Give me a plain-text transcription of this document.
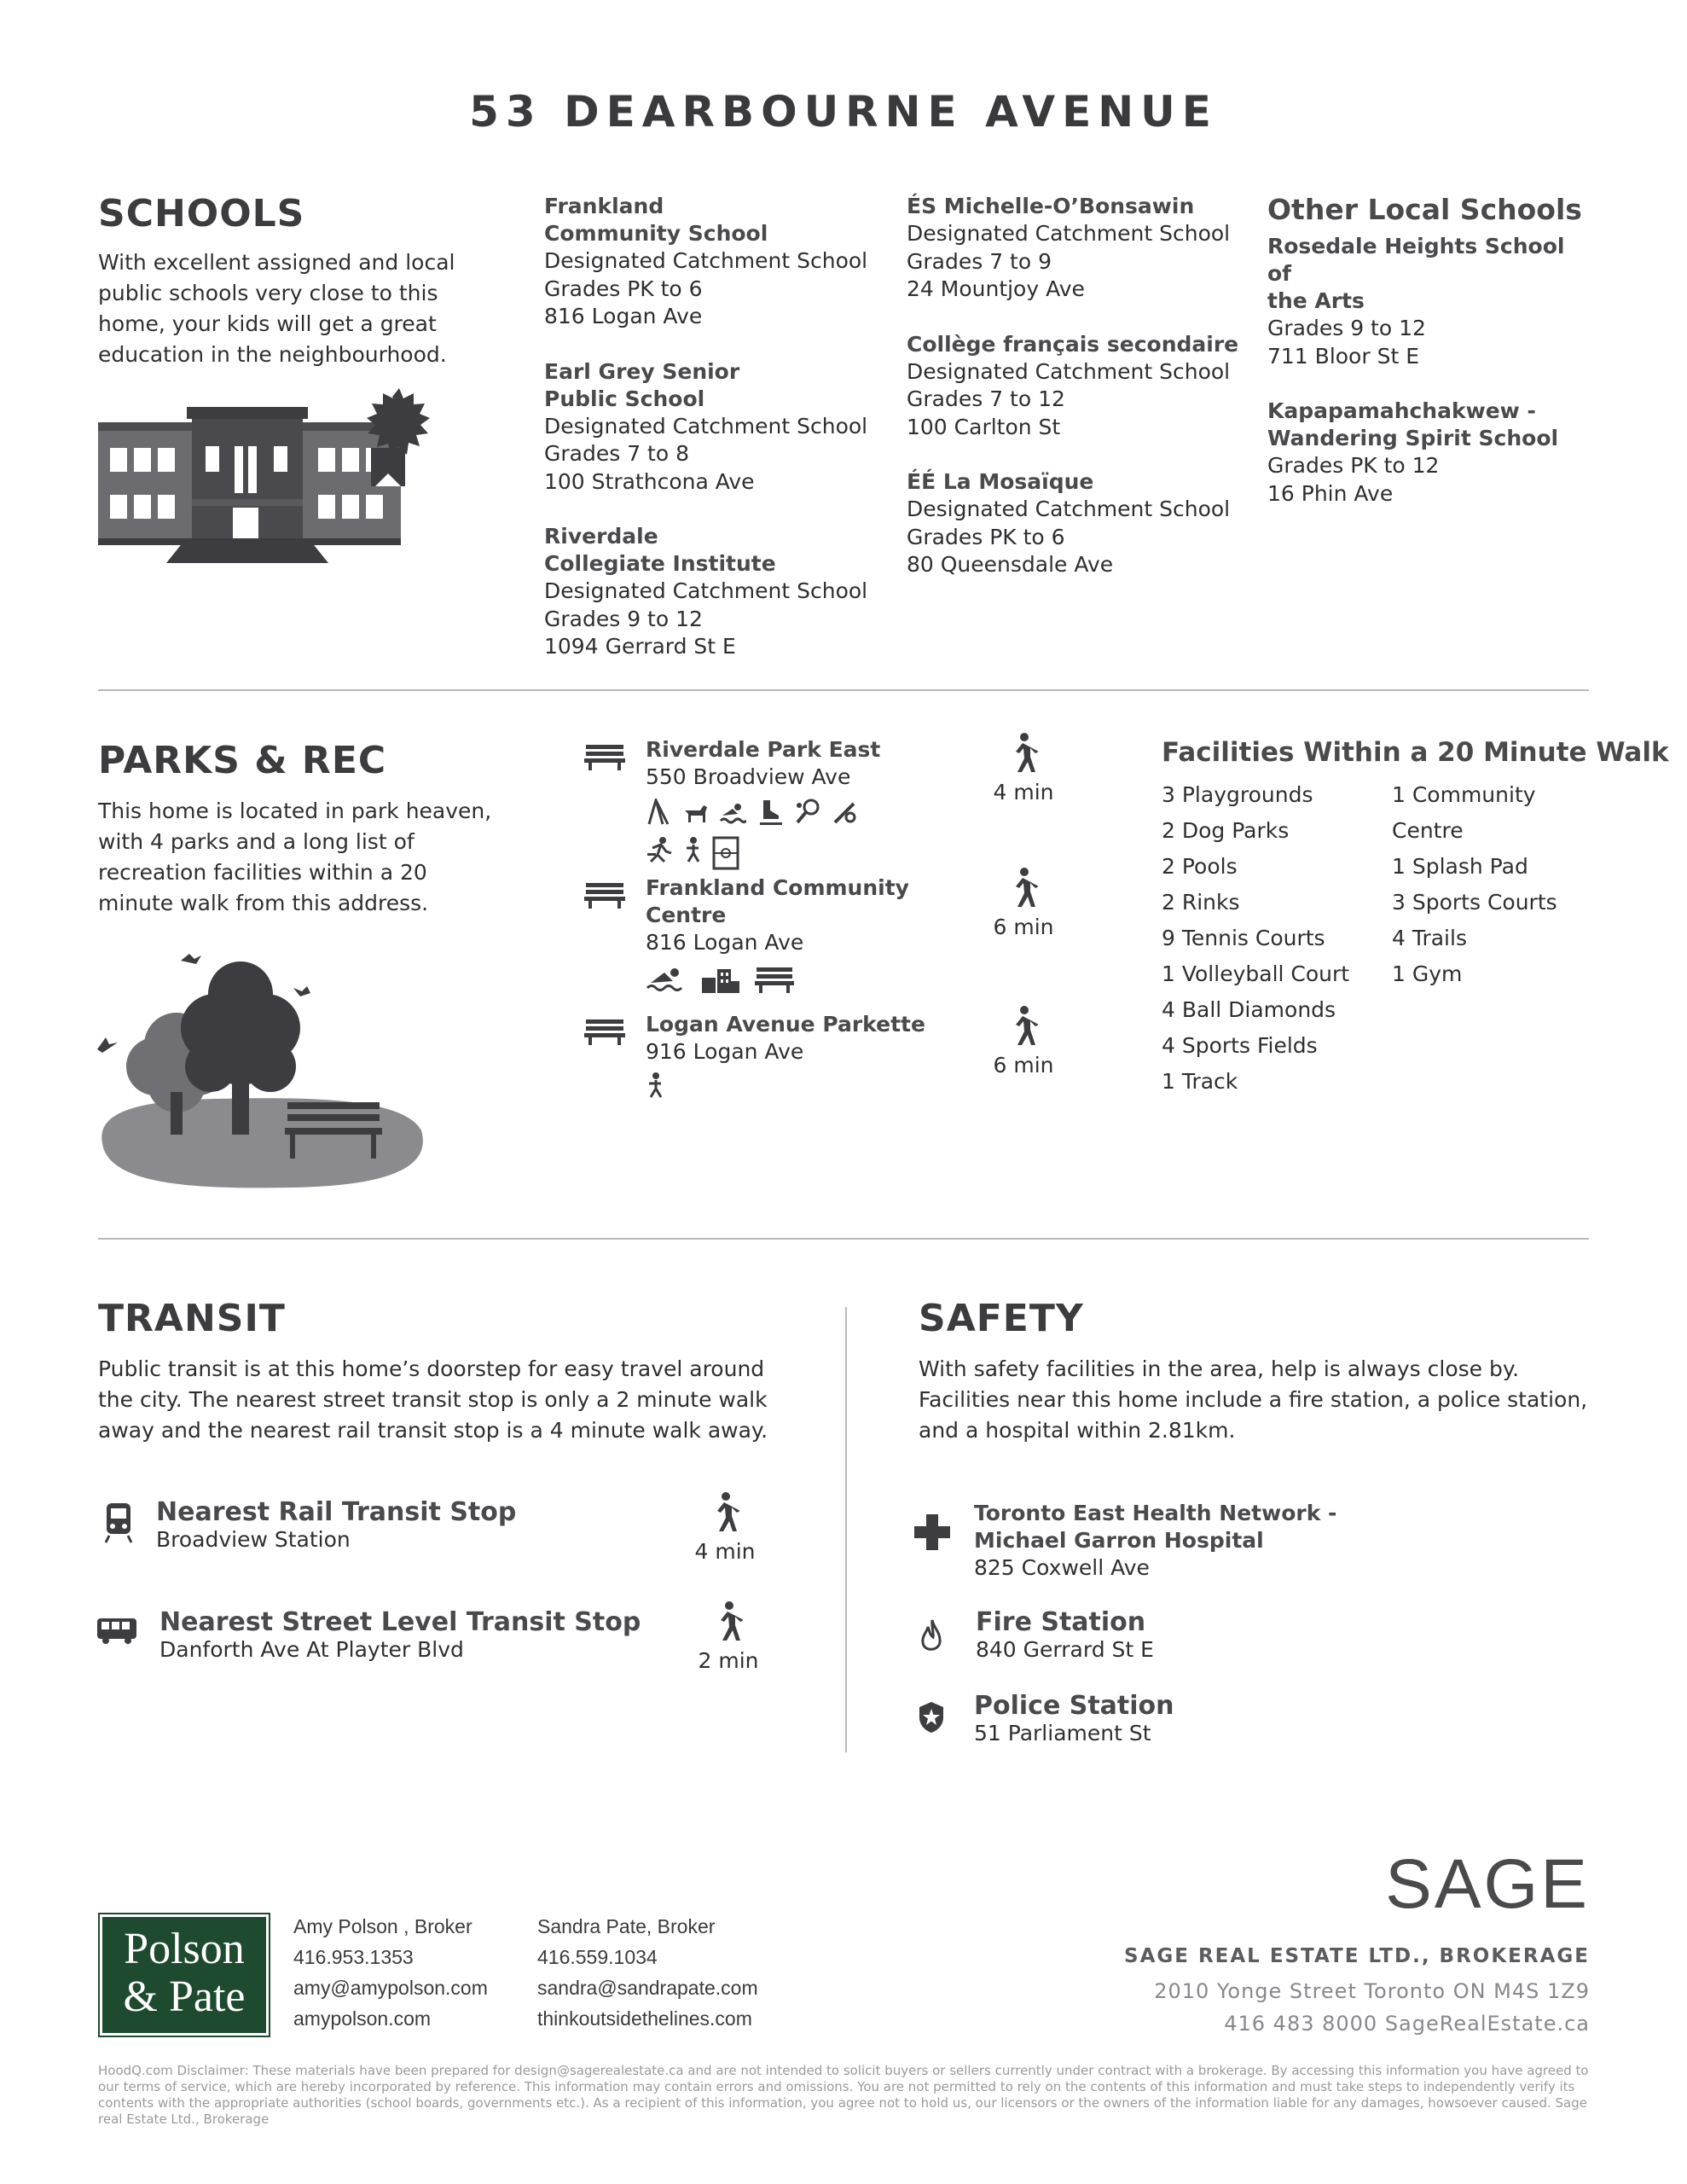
53 DEARBOURNE AVENUE
SCHOOLS
With excellent assigned and local public schools very close to this home, your kids will get a great education in the neighbourhood.
Frankland
Community School
Designated Catchment School
Grades PK to 6
816 Logan Ave
Earl Grey Senior
Public School
Designated Catchment School
Grades 7 to 8
100 Strathcona Ave
Riverdale
Collegiate Institute
Designated Catchment School
Grades 9 to 12
1094 Gerrard St E
ÉS Michelle-O’Bonsawin
Designated Catchment School
Grades 7 to 9
24 Mountjoy Ave
Collège français secondaire
Designated Catchment School
Grades 7 to 12
100 Carlton St
ÉÉ La Mosaïque
Designated Catchment School
Grades PK to 6
80 Queensdale Ave
Other Local Schools
Rosedale Heights School of
the Arts
Grades 9 to 12
711 Bloor St E
Kapapamahchakwew -
Wandering Spirit School
Grades PK to 12
16 Phin Ave
PARKS & REC
This home is located in park heaven, with 4 parks and a long list of recreation facilities within a 20 minute walk from this address.
Riverdale Park East
550 Broadview Ave
Frankland Community
Centre
816 Logan Ave
Logan Avenue Parkette
916 Logan Ave
4 min
6 min
6 min
Facilities Within a 20 Minute Walk
3 Playgrounds
2 Dog Parks
2 Pools
2 Rinks
9 Tennis Courts
1 Volleyball Court
4 Ball Diamonds
4 Sports Fields
1 Track
1 Community
Centre
1 Splash Pad
3 Sports Courts
4 Trails
1 Gym
TRANSIT
Public transit is at this home’s doorstep for easy travel around the city. The nearest street transit stop is only a 2 minute walk away and the nearest rail transit stop is a 4 minute walk away.
Nearest Rail Transit Stop
Broadview Station	4 min
Nearest Street Level Transit Stop
Danforth Ave At Playter Blvd	2 min
SAFETY
With safety facilities in the area, help is always close by. Facilities near this home include a fire station, a police station, and a hospital within 2.81km.
Toronto East Health Network -
Michael Garron Hospital
825 Coxwell Ave
Fire Station
840 Gerrard St E
Police Station
51 Parliament St
Polson
& Pate
Amy Polson , Broker
416.953.1353
amy@amypolson.com
amypolson.com
Sandra Pate, Broker
416.559.1034
sandra@sandrapate.com
thinkoutsidethelines.com
SAGE
SAGE REAL ESTATE LTD., BROKERAGE
2010 Yonge Street Toronto ON M4S 1Z9
416 483 8000 SageRealEstate.ca
HoodQ.com Disclaimer: These materials have been prepared for design@sagerealestate.ca and are not intended to solicit buyers or sellers currently under contract with a brokerage. By accessing this information you have agreed to our terms of service, which are hereby incorporated by reference. This information may contain errors and omissions. You are not permitted to rely on the contents of this information and must take steps to independently verify its contents with the appropriate authorities (school boards, governments etc.). As a recipient of this information, you agree not to hold us, our licensors or the owners of the information liable for any damages, howsoever caused. Sage real Estate Ltd., Brokerage
